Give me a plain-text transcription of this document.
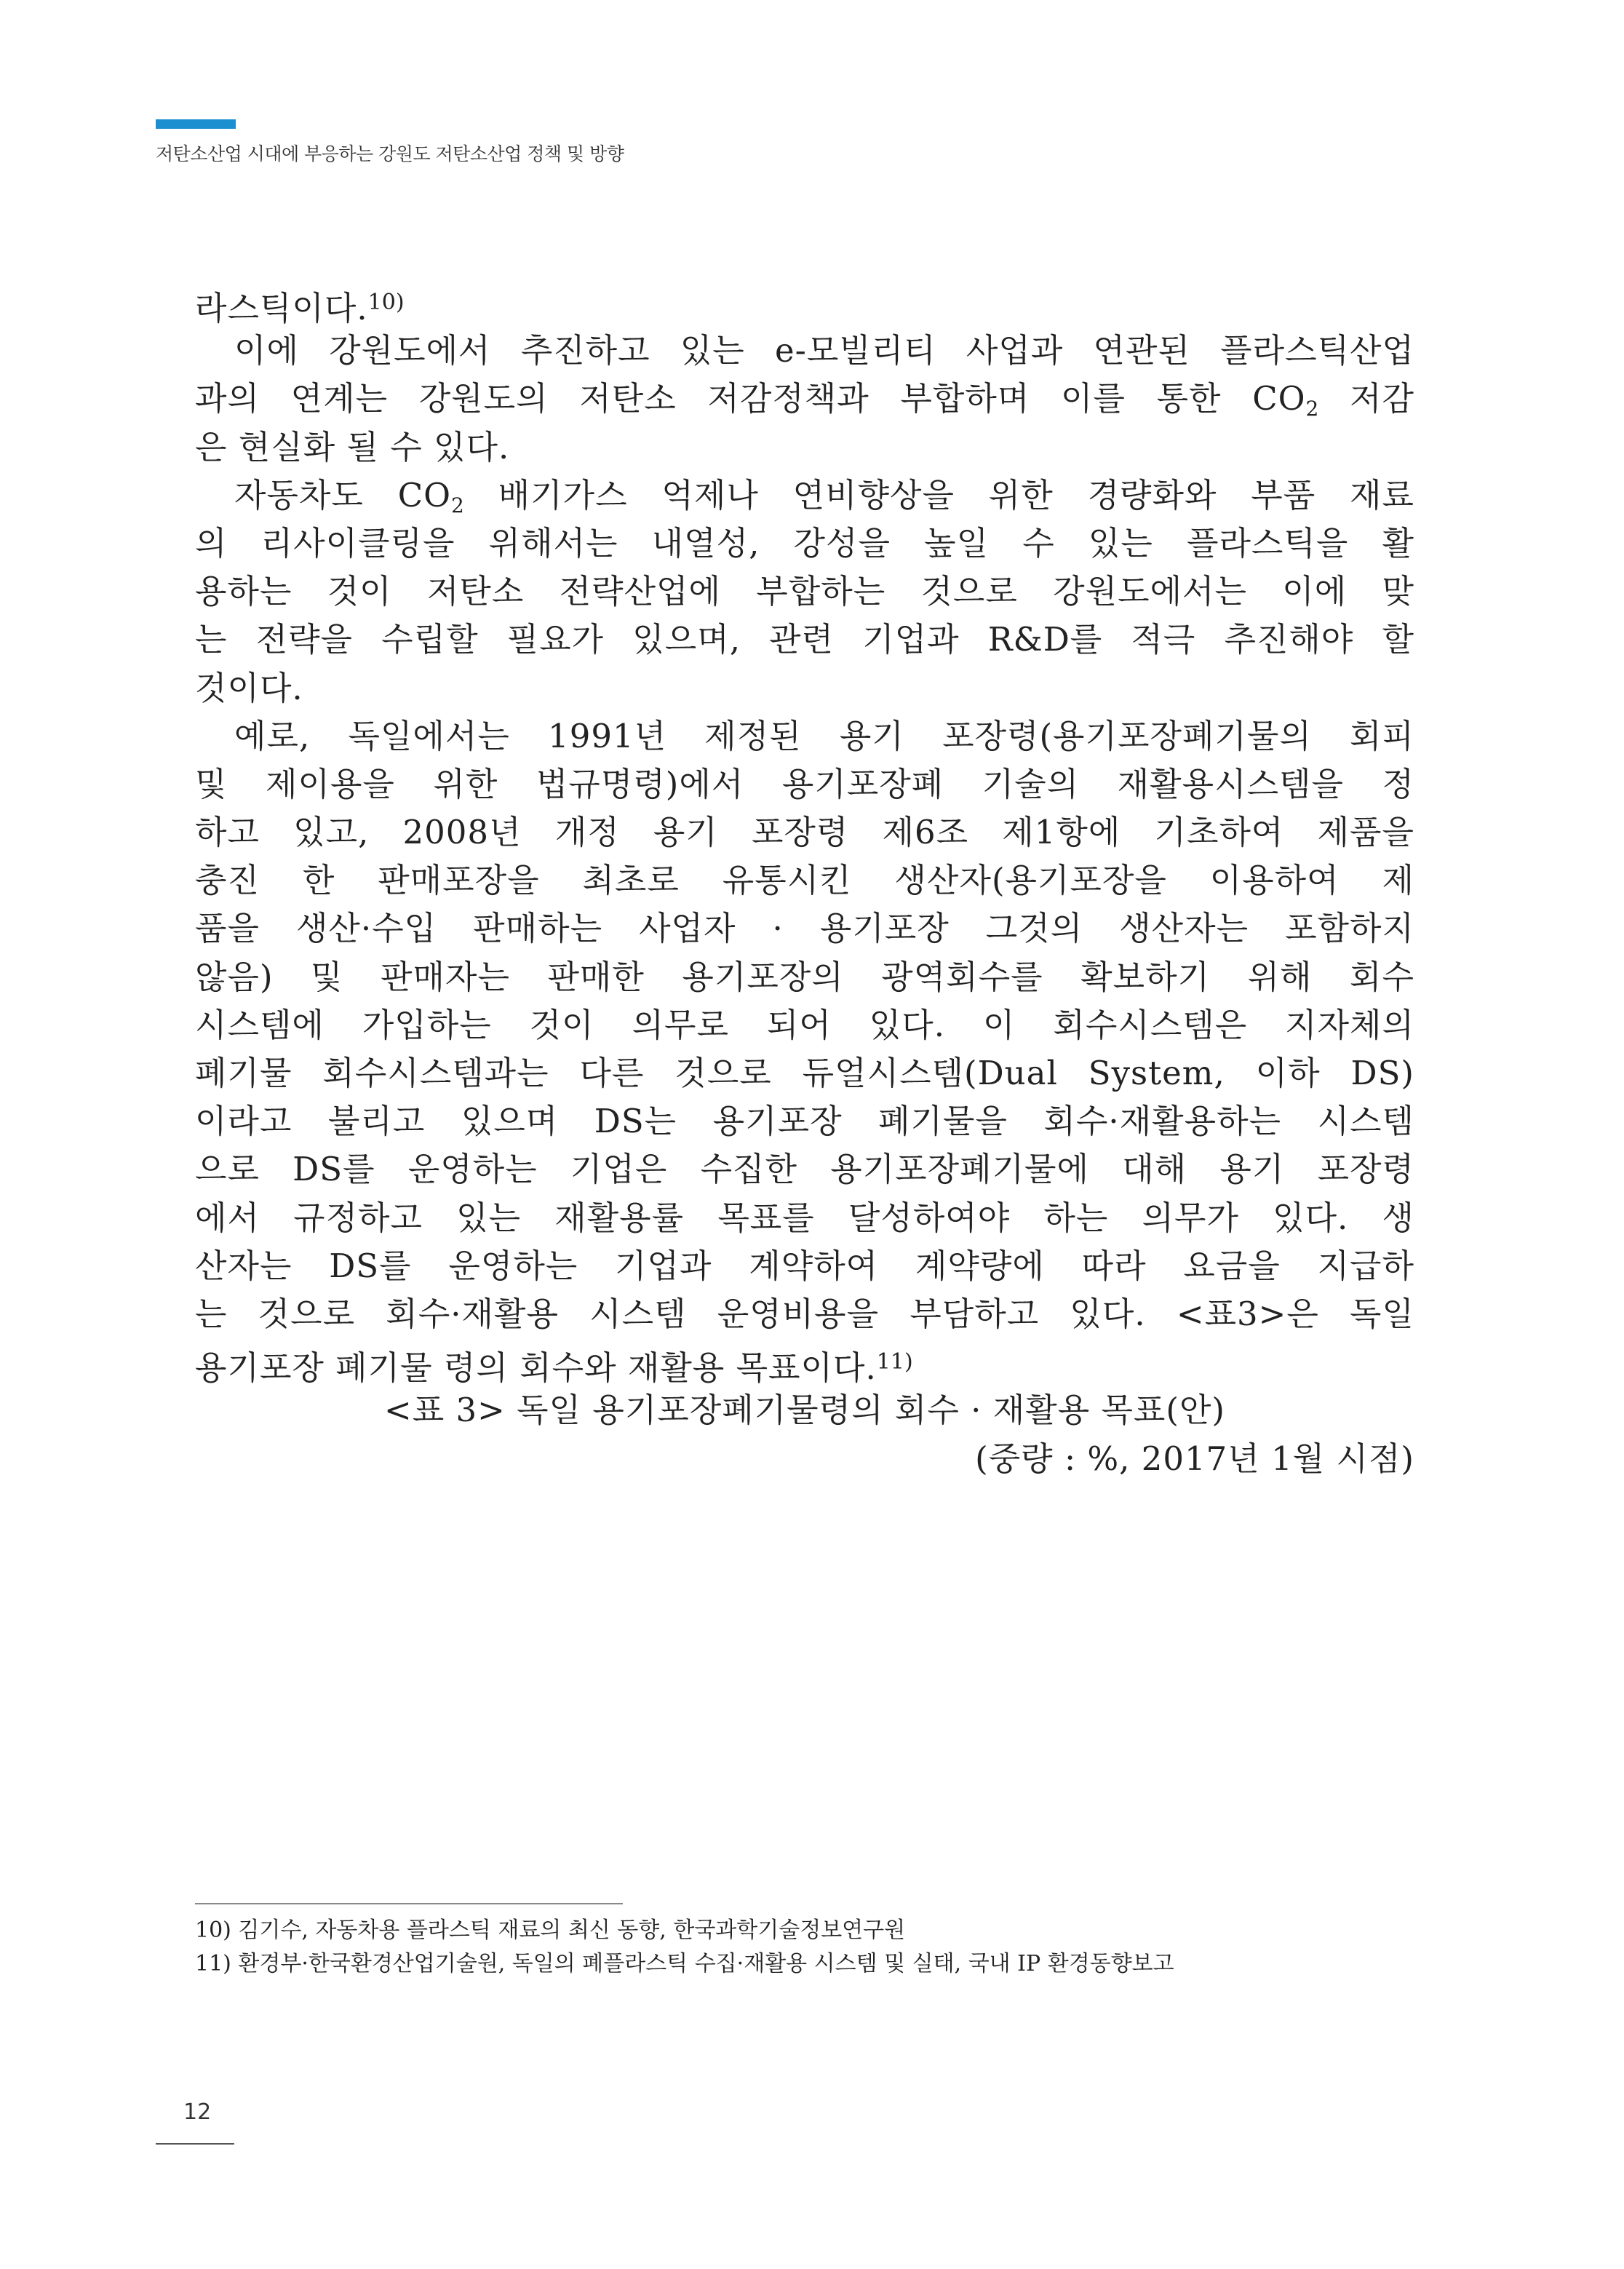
저탄소산업 시대에 부응하는 강원도 저탄소산업 정책 및 방향
라스틱이다.$^{10)}$
이에 강원도에서 추진하고 있는 e-모빌리티 사업과 연관된 플라스틱산업
과의 연계는 강원도의 저탄소 저감정책과 부합하며 이를 통한 $CO_2$ 저감
은 현실화 될 수 있다.
자동차도 $CO_2$ 배기가스 억제나 연비향상을 위한 경량화와 부품 재료
의 리사이클링을 위해서는 내열성, 강성을 높일 수 있는 플라스틱을 활
용하는 것이 저탄소 전략산업에 부합하는 것으로 강원도에서는 이에 맞
는 전략을 수립할 필요가 있으며, 관련 기업과 R&D를 적극 추진해야 할
것이다.
예로, 독일에서는 1991년 제정된 용기 포장령(용기포장폐기물의 회피
및 제이용을 위한 법규명령)에서 용기포장폐 기술의 재활용시스템을 정
하고 있고, 2008년 개정 용기 포장령 제6조 제1항에 기초하여 제품을
충진 한 판매포장을 최초로 유통시킨 생산자(용기포장을 이용하여 제
품을 생산·수입 판매하는 사업자 · 용기포장 그것의 생산자는 포함하지
않음) 및 판매자는 판매한 용기포장의 광역회수를 확보하기 위해 회수
시스템에 가입하는 것이 의무로 되어 있다. 이 회수시스템은 지자체의
폐기물 회수시스템과는 다른 것으로 듀얼시스템(Dual System, 이하 DS)
이라고 불리고 있으며 DS는 용기포장 폐기물을 회수·재활용하는 시스템
으로 DS를 운영하는 기업은 수집한 용기포장폐기물에 대해 용기 포장령
에서 규정하고 있는 재활용률 목표를 달성하여야 하는 의무가 있다. 생
산자는 DS를 운영하는 기업과 계약하여 계약량에 따라 요금을 지급하
는 것으로 회수·재활용 시스템 운영비용을 부담하고 있다. <표3>은 독일
용기포장 폐기물 령의 회수와 재활용 목표이다.$^{11)}$
<표 3> 독일 용기포장폐기물령의 회수 · 재활용 목표(안)
(중량 : %, 2017년 1월 시점)
10) 김기수, 자동차용 플라스틱 재료의 최신 동향, 한국과학기술정보연구원
11) 환경부·한국환경산업기술원, 독일의 폐플라스틱 수집·재활용 시스템 및 실태, 국내 IP 환경동향보고
12
